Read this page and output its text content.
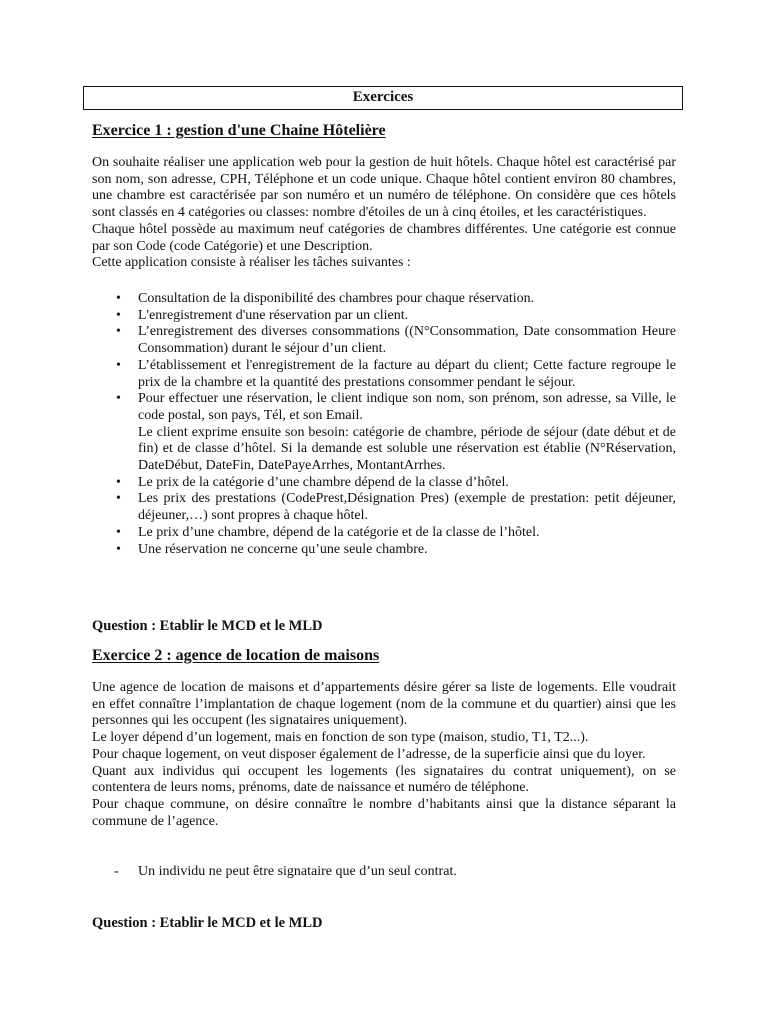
Exercices
Exercice 1 : gestion d'une Chaine Hôtelière
On souhaite réaliser une application web pour la gestion de huit hôtels. Chaque hôtel est caractérisé par son nom, son adresse, CPH, Téléphone et un code unique. Chaque hôtel contient environ 80 chambres, une chambre est caractérisée par son numéro et un numéro de téléphone. On considère que ces hôtels sont classés en 4 catégories ou classes: nombre d'étoiles de un à cinq étoiles, et les caractéristiques.
Chaque hôtel possède au maximum neuf catégories de chambres différentes. Une catégorie est connue par son Code (code Catégorie) et une Description.
Cette application consiste à réaliser les tâches suivantes :
• Consultation de la disponibilité des chambres pour chaque réservation.
• L'enregistrement d'une réservation par un client.
• L’enregistrement des diverses consommations ((N°Consommation, Date consommation Heure Consommation) durant le séjour d’un client.
• L’établissement et l'enregistrement de la facture au départ du client; Cette facture regroupe le prix de la chambre et la quantité des prestations consommer pendant le séjour.
• Pour effectuer une réservation, le client indique son nom, son prénom, son adresse, sa Ville, le code postal, son pays, Tél, et son Email.
Le client exprime ensuite son besoin: catégorie de chambre, période de séjour (date début et de fin) et de classe d’hôtel. Si la demande est soluble une réservation est établie (N°Réservation, DateDébut, DateFin, DatePayeArrhes, MontantArrhes.
• Le prix de la catégorie d’une chambre dépend de la classe d’hôtel.
• Les prix des prestations (CodePrest,Désignation Pres) (exemple de prestation: petit déjeuner, déjeuner,…) sont propres à chaque hôtel.
• Le prix d’une chambre, dépend de la catégorie et de la classe de l’hôtel.
• Une réservation ne concerne qu’une seule chambre.
Question : Etablir le MCD et le MLD
Exercice 2 : agence de location de maisons
Une agence de location de maisons et d’appartements désire gérer sa liste de logements. Elle voudrait en effet connaître l’implantation de chaque logement (nom de la commune et du quartier) ainsi que les personnes qui les occupent (les signataires uniquement).
Le loyer dépend d’un logement, mais en fonction de son type (maison, studio, T1, T2...).
Pour chaque logement, on veut disposer également de l’adresse, de la superficie ainsi que du loyer.
Quant aux individus qui occupent les logements (les signataires du contrat uniquement), on se contentera de leurs noms, prénoms, date de naissance et numéro de téléphone.
Pour chaque commune, on désire connaître le nombre d’habitants ainsi que la distance séparant la commune de l’agence.
- Un individu ne peut être signataire que d’un seul contrat.
Question : Etablir le MCD et le MLD
